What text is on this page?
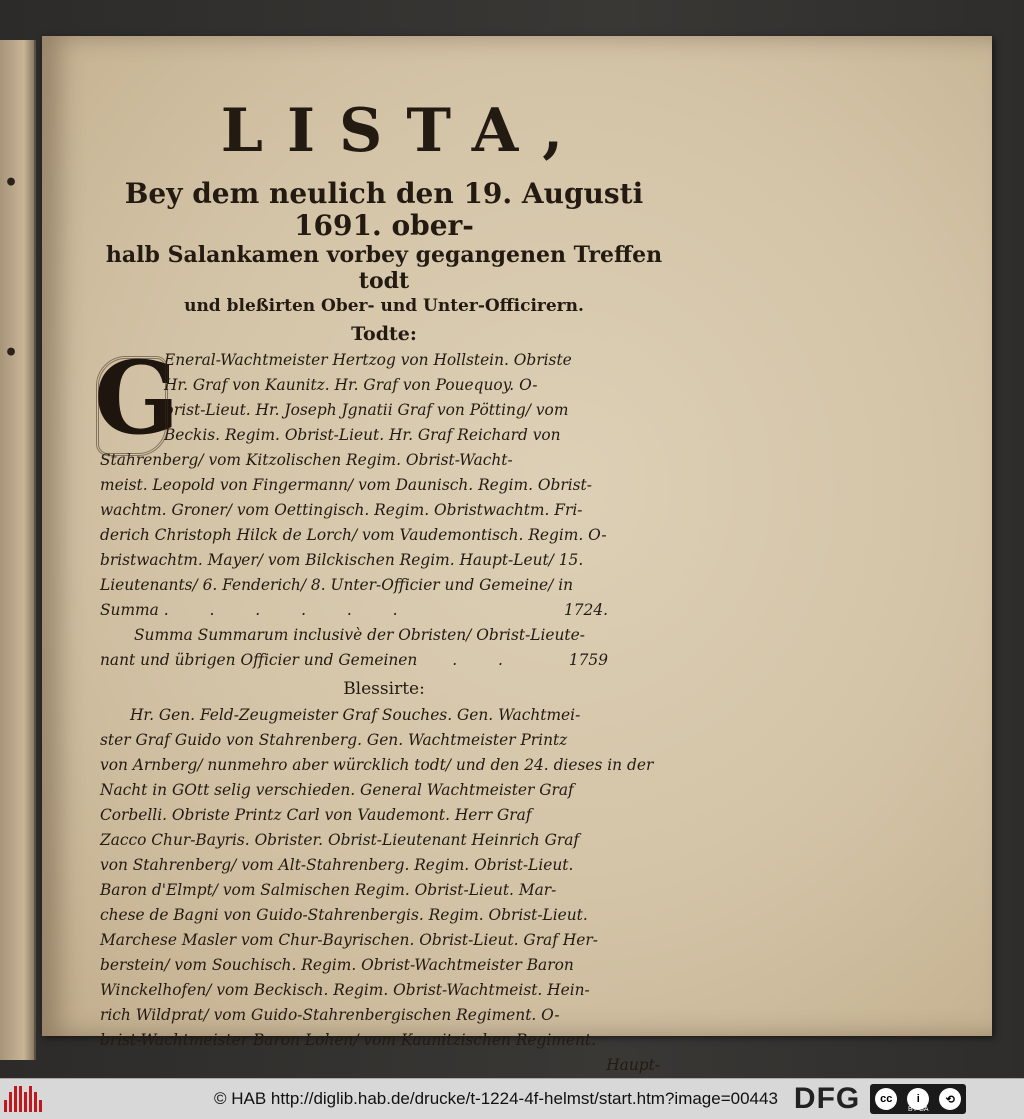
•
•
LISTA,

Bey dem neulich den 19. Augusti 1691. ober-

halb Salankamen vorbey gegangenen Treffen todt

und bleßirten Ober- und Unter-Officirern.

Todte:
G

Eneral-Wachtmeister Hertzog von Hollstein. Obriste
Hr. Graf von Kaunitz. Hr. Graf von Pouequoy. O-
brist-Lieut. Hr. Joseph Jgnatii Graf von Pötting/ vom
Beckis. Regim. Obrist-Lieut. Hr. Graf Reichard von
Stahrenberg/ vom Kitzolischen Regim. Obrist-Wacht-
meist. Leopold von Fingermann/ vom Daunisch. Regim. Obrist-
wachtm. Groner/ vom Oettingisch. Regim. Obristwachtm. Fri-
derich Christoph Hilck de Lorch/ vom Vaudemontisch. Regim. O-
bristwachtm. Mayer/ vom Bilckischen Regim. Haupt-Leut/ 15.
Lieutenants/ 6. Fenderich/ 8. Unter-Officier und Gemeine/ in
Summa . . . . . .	1724.
Summa Summarum inclusivè der Obristen/ Obrist-Lieute-
nant und übrigen Officier und Gemeinen . .	1759

Blessirte:

Hr. Gen. Feld-Zeugmeister Graf Souches. Gen. Wachtmei-
ster Graf Guido von Stahrenberg. Gen. Wachtmeister Printz
von Arnberg/ nunmehro aber würcklich todt/ und den 24. dieses in der
Nacht in GOtt selig verschieden. General Wachtmeister Graf
Corbelli. Obriste Printz Carl von Vaudemont. Herr Graf
Zacco Chur-Bayris. Obrister. Obrist-Lieutenant Heinrich Graf
von Stahrenberg/ vom Alt-Stahrenberg. Regim. Obrist-Lieut.
Baron d'Elmpt/ vom Salmischen Regim. Obrist-Lieut. Mar-
chese de Bagni von Guido-Stahrenbergis. Regim. Obrist-Lieut.
Marchese Masler vom Chur-Bayrischen. Obrist-Lieut. Graf Her-
berstein/ vom Souchisch. Regim. Obrist-Wachtmeister Baron
Winckelhofen/ vom Beckisch. Regim. Obrist-Wachtmeist. Hein-
rich Wildprat/ vom Guido-Stahrenbergischen Regiment. O-
brist-Wachtmeister Baron Lohen/ vom Kaunitzischen Regiment.
Haupt-

© HAB http://diglib.hab.de/drucke/t-1224-4f-helmst/start.htm?image=00443 DFG	cc	i	⟲
BY SA
